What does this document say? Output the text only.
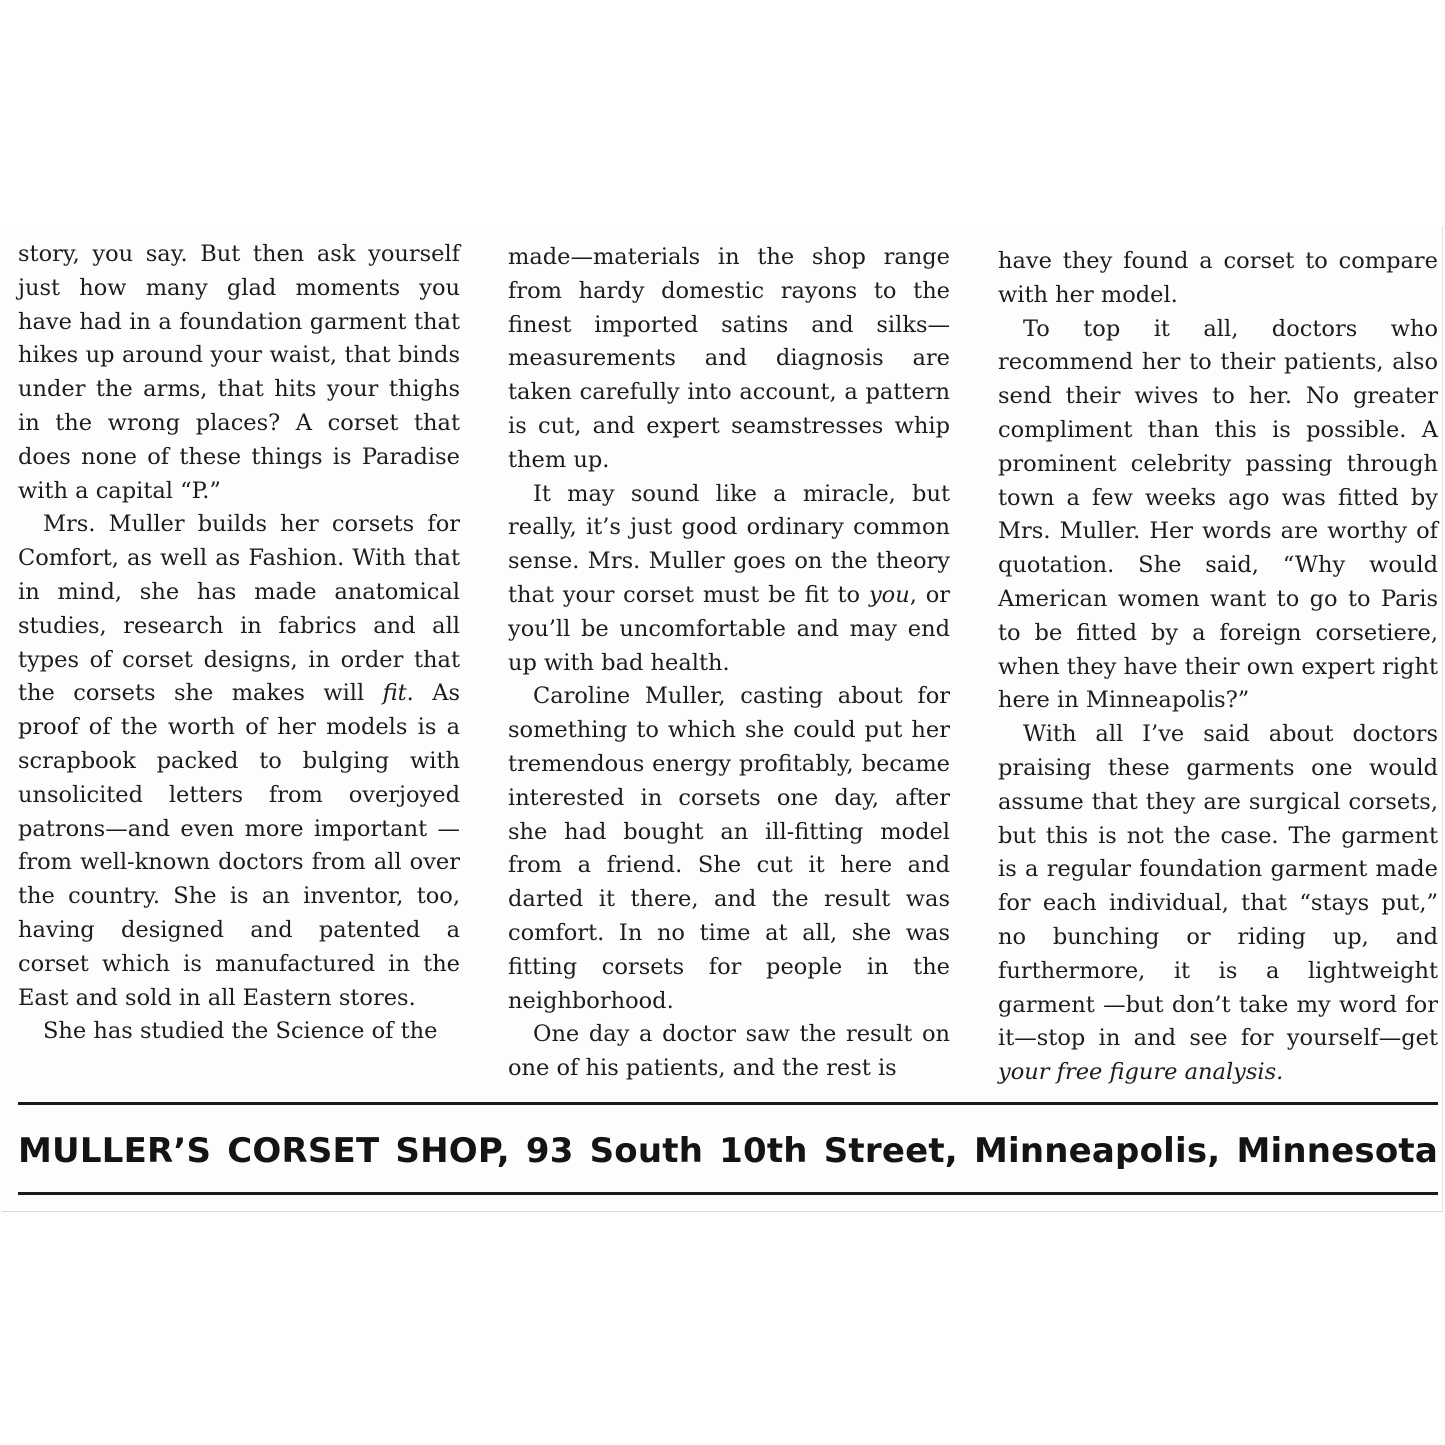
story, you say. But then ask yourself just how many glad moments you have had in a foundation garment that hikes up around your waist, that binds under the arms, that hits your thighs in the wrong places? A corset that does none of these things is Paradise with a capital “P.”

Mrs. Muller builds her corsets for Comfort, as well as Fashion. With that in mind, she has made anatomical studies, research in fabrics and all types of corset designs, in order that the corsets she makes will fit. As proof of the worth of her models is a scrapbook packed to bulging with unsolicited letters from overjoyed patrons—and even more important — from well-known doctors from all over the country. She is an inventor, too, having designed and patented a corset which is manufactured in the East and sold in all Eastern stores.

She has studied the Science of the

made—materials in the shop range from hardy domestic rayons to the finest imported satins and silks—measurements and diagnosis are taken carefully into account, a pattern is cut, and expert seamstresses whip them up.

It may sound like a miracle, but really, it’s just good ordinary common sense. Mrs. Muller goes on the theory that your corset must be fit to you, or you’ll be uncomfortable and may end up with bad health.

Caroline Muller, casting about for something to which she could put her tremendous energy profitably, became interested in corsets one day, after she had bought an ill-fitting model from a friend. She cut it here and darted it there, and the result was comfort. In no time at all, she was fitting corsets for people in the neighborhood.

One day a doctor saw the result on one of his patients, and the rest is

have they found a corset to compare with her model.

To top it all, doctors who recommend her to their patients, also send their wives to her. No greater compliment than this is possible. A prominent celebrity passing through town a few weeks ago was fitted by Mrs. Muller. Her words are worthy of quotation. She said, “Why would American women want to go to Paris to be fitted by a foreign corsetiere, when they have their own expert right here in Minneapolis?”

With all I’ve said about doctors praising these garments one would assume that they are surgical corsets, but this is not the case. The garment is a regular foundation garment made for each individual, that “stays put,” no bunching or riding up, and furthermore, it is a lightweight garment —but don’t take my word for it—stop in and see for yourself—get your free figure analysis.

MULLER’S CORSET SHOP, 93 South 10th Street, Minneapolis, Minnesota
